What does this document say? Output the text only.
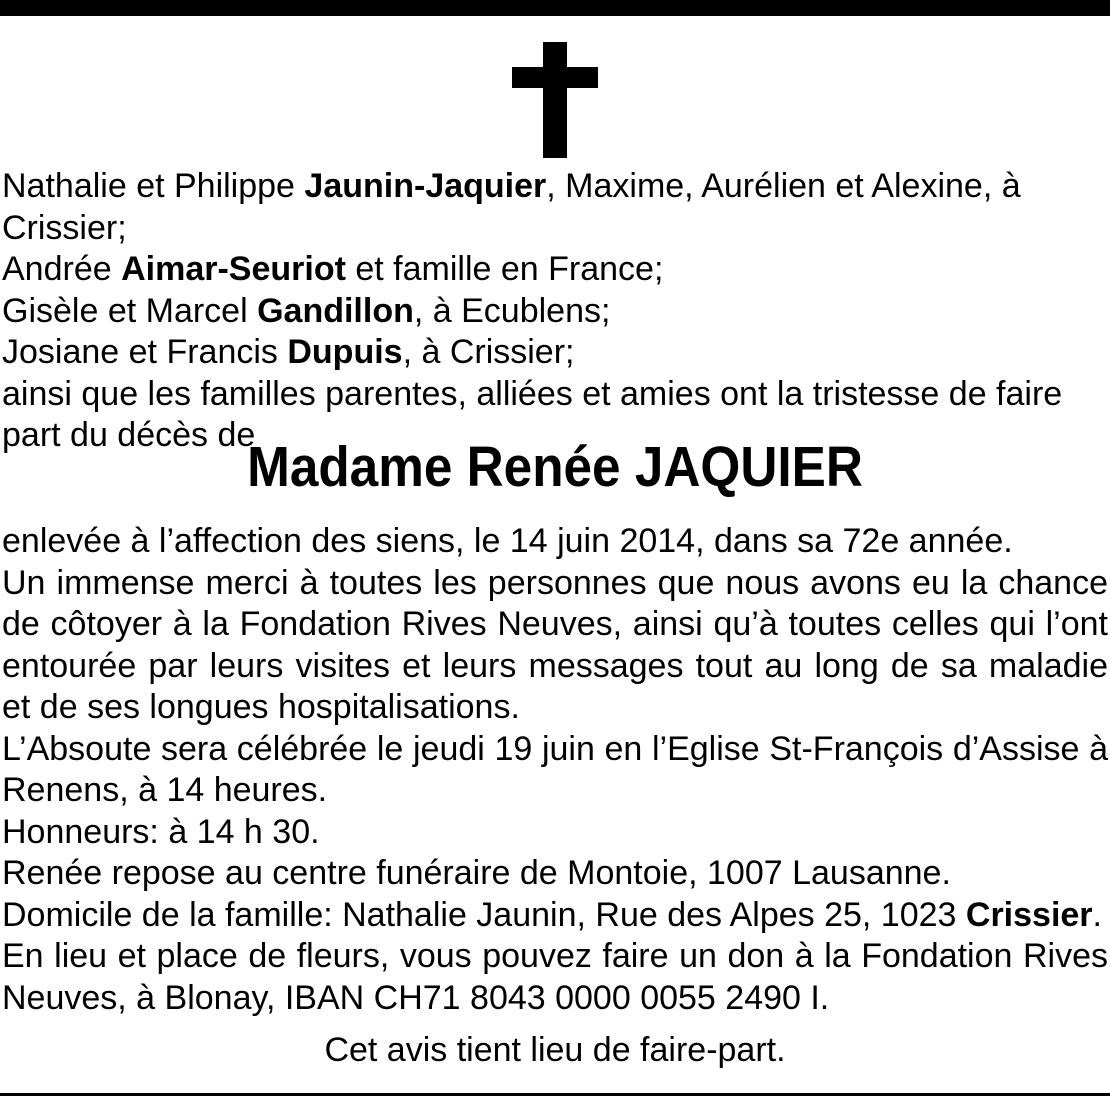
Nathalie et Philippe Jaunin-Jaquier, Maxime, Aurélien et Alexine, à Crissier;

Andrée Aimar-Seuriot et famille en France;

Gisèle et Marcel Gandillon, à Ecublens;

Josiane et Francis Dupuis, à Crissier;

ainsi que les familles parentes, alliées et amies ont la tristesse de faire part du décès de

Madame Renée JAQUIER

enlevée à l’affection des siens, le 14 juin 2014, dans sa 72e année.

Un immense merci à toutes les personnes que nous avons eu la chance de côtoyer à la Fondation Rives Neuves, ainsi qu’à toutes celles qui l’ont entourée par leurs visites et leurs messages tout au long de sa maladie et de ses longues hospitalisations.

L’Absoute sera célébrée le jeudi 19 juin en l’Eglise St-François d’Assise à Renens, à 14 heures.

Honneurs: à 14 h 30.

Renée repose au centre funéraire de Montoie, 1007 Lausanne.

Domicile de la famille: Nathalie Jaunin, Rue des Alpes 25, 1023 Crissier.

En lieu et place de fleurs, vous pouvez faire un don à la Fondation Rives Neuves, à Blonay, IBAN CH71 8043 0000 0055 2490 I.

Cet avis tient lieu de faire-part.
